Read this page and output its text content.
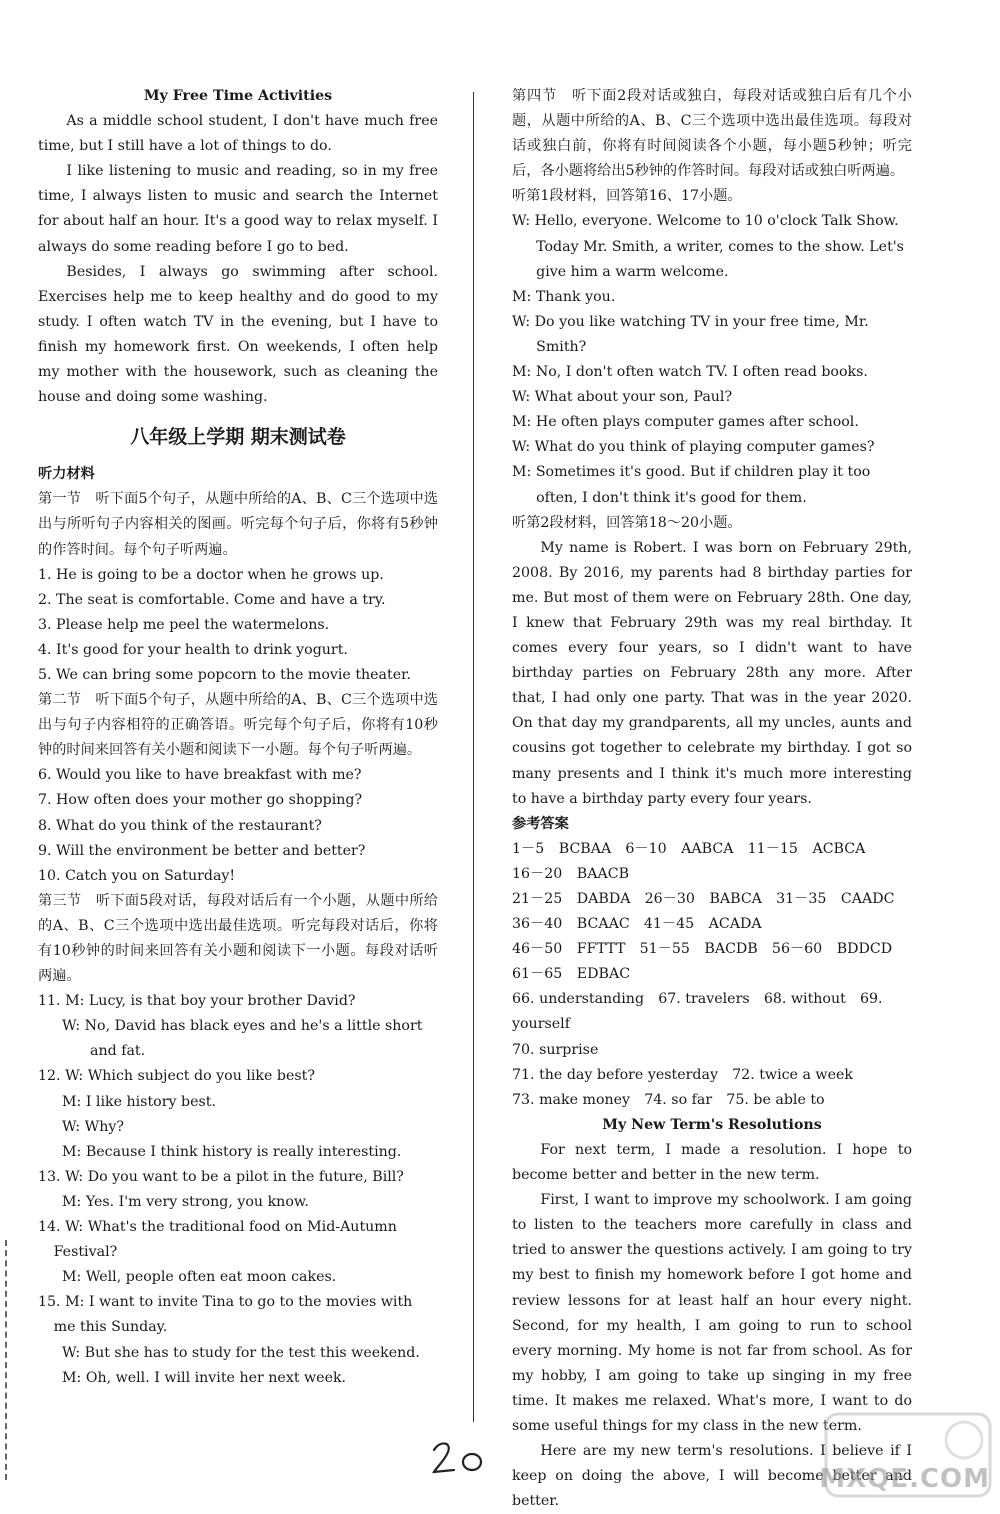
My Free Time Activities

As a middle school student, I don't have much free time, but I still have a lot of things to do.

I like listening to music and reading, so in my free time, I always listen to music and search the Internet for about half an hour. It's a good way to relax myself. I always do some reading before I go to bed.

Besides, I always go swimming after school. Exercises help me to keep healthy and do good to my study. I often watch TV in the evening, but I have to finish my homework first. On weekends, I often help my mother with the housework, such as cleaning the house and doing some washing.

八年级上学期 期末测试卷

听力材料

第一节　听下面5个句子，从题中所给的A、B、C三个选项中选出与所听句子内容相关的图画。听完每个句子后，你将有5秒钟的作答时间。每个句子听两遍。

1. He is going to be a doctor when he grows up.

2. The seat is comfortable. Come and have a try.

3. Please help me peel the watermelons.

4. It's good for your health to drink yogurt.

5. We can bring some popcorn to the movie theater.

第二节　听下面5个句子，从题中所给的A、B、C三个选项中选出与句子内容相符的正确答语。听完每个句子后，你将有10秒钟的时间来回答有关小题和阅读下一小题。每个句子听两遍。

6. Would you like to have breakfast with me?

7. How often does your mother go shopping?

8. What do you think of the restaurant?

9. Will the environment be better and better?

10. Catch you on Saturday!

第三节　听下面5段对话，每段对话后有一个小题，从题中所给的A、B、C三个选项中选出最佳选项。听完每段对话后，你将有10秒钟的时间来回答有关小题和阅读下一小题。每段对话听两遍。

11. M: Lucy, is that boy your brother David?

W: No, David has black eyes and he's a little short and fat.

12. W: Which subject do you like best?

M: I like history best.

W: Why?

M: Because I think history is really interesting.

13. W: Do you want to be a pilot in the future, Bill?

M: Yes. I'm very strong, you know.

14. W: What's the traditional food on Mid-Autumn Festival?

M: Well, people often eat moon cakes.

15. M: I want to invite Tina to go to the movies with me this Sunday.

W: But she has to study for the test this weekend.

M: Oh, well. I will invite her next week.

第四节　听下面2段对话或独白，每段对话或独白后有几个小题，从题中所给的A、B、C三个选项中选出最佳选项。每段对话或独白前，你将有时间阅读各个小题，每小题5秒钟；听完后，各小题将给出5秒钟的作答时间。每段对话或独白听两遍。

听第1段材料，回答第16、17小题。

W: Hello, everyone. Welcome to 10 o'clock Talk Show. Today Mr. Smith, a writer, comes to the show. Let's give him a warm welcome.

M: Thank you.

W: Do you like watching TV in your free time, Mr. Smith?

M: No, I don't often watch TV. I often read books.

W: What about your son, Paul?

M: He often plays computer games after school.

W: What do you think of playing computer games?

M: Sometimes it's good. But if children play it too often, I don't think it's good for them.

听第2段材料，回答第18～20小题。

My name is Robert. I was born on February 29th, 2008. By 2016, my parents had 8 birthday parties for me. But most of them were on February 28th. One day, I knew that February 29th was my real birthday. It comes every four years, so I didn't want to have birthday parties on February 28th any more. After that, I had only one party. That was in the year 2020. On that day my grandparents, all my uncles, aunts and cousins got together to celebrate my birthday. I got so many presents and I think it's much more interesting to have a birthday party every four years.

参考答案

1－5 BCBAA　6－10 AABCA　11－15 ACBCA

16－20 BAACB

21－25 DABDA　26－30 BABCA　31－35 CAADC

36－40 BCAAC　41－45 ACADA

46－50 FFTTT　51－55 BACDB　56－60 BDDCD

61－65 EDBAC

66. understanding　67. travelers　68. without　69. yourself

70. surprise

71. the day before yesterday　72. twice a week

73. make money　74. so far　75. be able to

My New Term's Resolutions

For next term, I made a resolution. I hope to become better and better in the new term.

First, I want to improve my schoolwork. I am going to listen to the teachers more carefully in class and tried to answer the questions actively. I am going to try my best to finish my homework before I got home and review lessons for at least half an hour every night. Second, for my health, I am going to run to school every morning. My home is not far from school. As for my hobby, I am going to take up singing in my free time. It makes me relaxed. What's more, I want to do some useful things for my class in the new term.

Here are my new term's resolutions. I believe if I keep on doing the above, I will become better and better.

MXQE.COM
